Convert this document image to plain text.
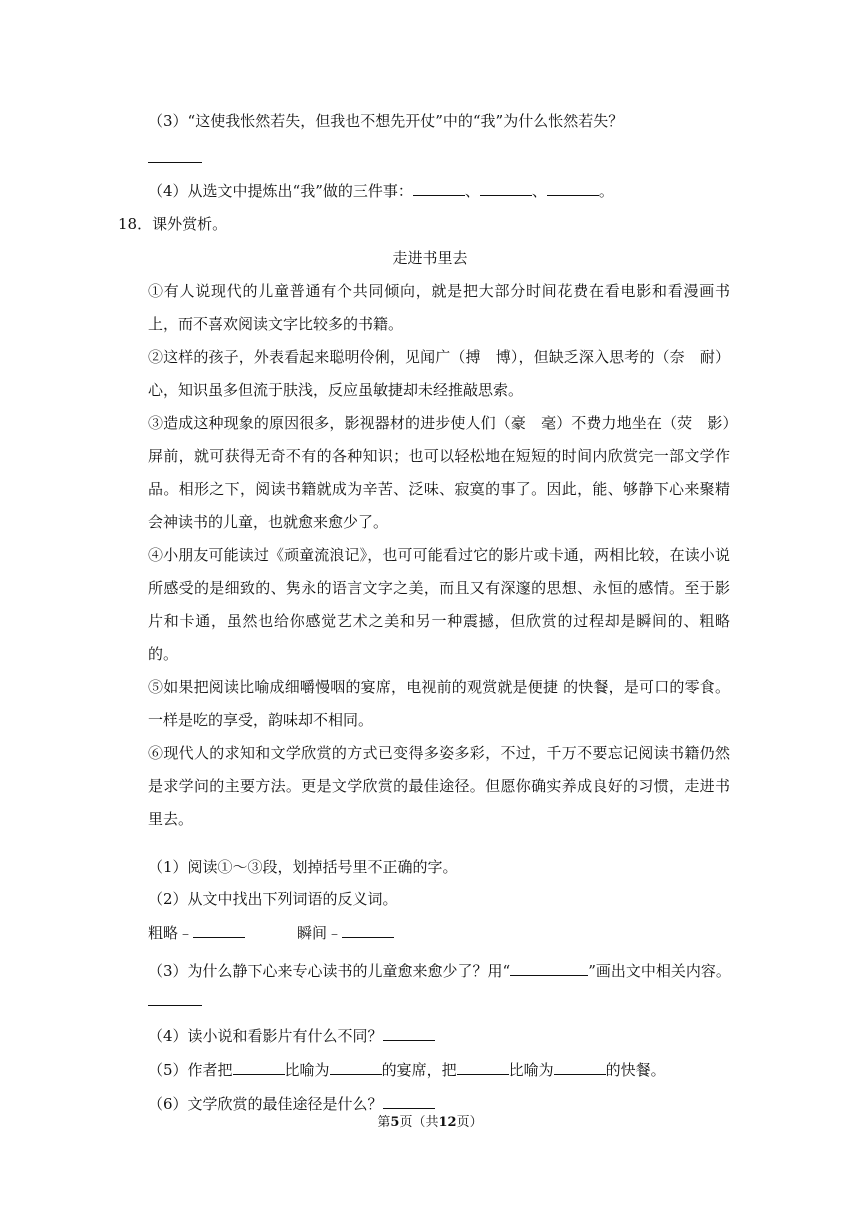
（3）“这使我怅然若失，但我也不想先开仗”中的“我”为什么怅然若失？
（4）从选文中提炼出“我”做的三件事：	、	、	。
18．课外赏析。
走进书里去
①有人说现代的儿童普通有个共同倾向，就是把大部分时间花费在看电影和看漫画书上，而不喜欢阅读文字比较多的书籍。
②这样的孩子，外表看起来聪明伶俐，见闻广（搏　博），但缺乏深入思考的（奈　耐）心，知识虽多但流于肤浅，反应虽敏捷却未经推敲思索。
③造成这种现象的原因很多，影视器材的进步使人们（豪　毫）不费力地坐在（荧　影）屏前，就可获得无奇不有的各种知识；也可以轻松地在短短的时间内欣赏完一部文学作品。相形之下，阅读书籍就成为辛苦、泛味、寂寞的事了。因此，能、够静下心来聚精会神读书的儿童，也就愈来愈少了。
④小朋友可能读过《顽童流浪记》，也可可能看过它的影片或卡通，两相比较，在读小说所感受的是细致的、隽永的语言文字之美，而且又有深邃的思想、永恒的感情。至于影片和卡通，虽然也给你感觉艺术之美和另一种震撼，但欣赏的过程却是瞬间的、粗略的。
⑤如果把阅读比喻成细嚼慢咽的宴席，电视前的观赏就是便捷 的快餐，是可口的零食。一样是吃的享受，韵味却不相同。
⑥现代人的求知和文学欣赏的方式已变得多姿多彩，不过，千万不要忘记阅读书籍仍然是求学问的主要方法。更是文学欣赏的最佳途径。但愿你确实养成良好的习惯，走进书里去。
（1）阅读①～③段，划掉括号里不正确的字。
（2）从文中找出下列词语的反义词。
粗略﹣	瞬间﹣
（3）为什么静下心来专心读书的儿童愈来愈少了？用“	”画出文中相关内容。
（4）读小说和看影片有什么不同？
（5）作者把	比喻为	的宴席，把	比喻为	的快餐。
（6）文学欣赏的最佳途径是什么？
第5页（共12页）
